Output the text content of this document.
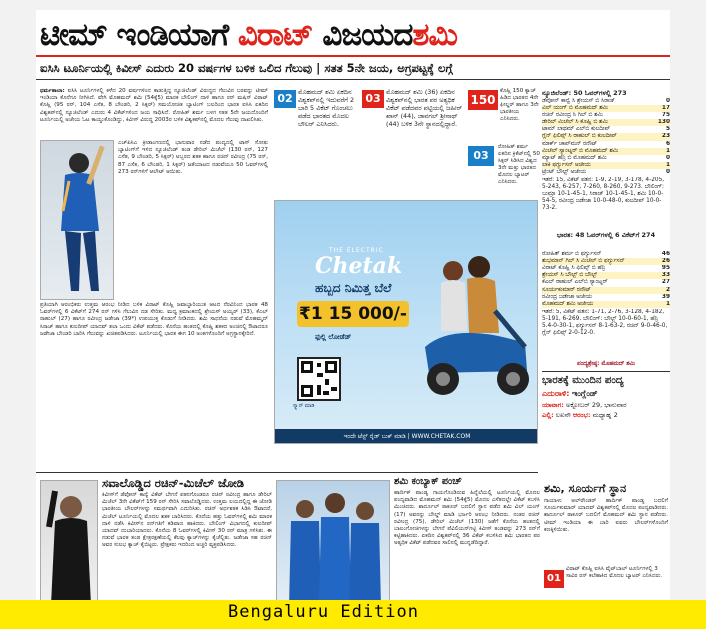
ಟೀಮ್ ಇಂಡಿಯಾಗೆ ವಿರಾಟ್ ವಿಜಯದಶಮಿ
ಐಸಿಸಿ ಟೂರ್ನಿಯಲ್ಲಿ ಕಿವೀಸ್ ಎದುರು 20 ವರ್ಷಗಳ ಬಳಿಕ ಒಲಿದ ಗೆಲುವು | ಸತತ 5ನೇ ಜಯ, ಅಗ್ರಪಟ್ಟಕ್ಕೆ ಲಗ್ಗೆ
ಧರ್ಮಶಾಲಾ: ಐಸಿಸಿ ಟೂರ್ನಿಗಳಲ್ಲಿ ಕಳೆದ 20 ವರ್ಷಗಳಿಂದ ಕಾಡುತ್ತಿದ್ದ ನ್ಯೂಜಿಲೆಂಡ್ ವಿರುದ್ಧದ ಗೆಲುವಿನ ಬರವನ್ನು ಟೀಮ್ ಇಂಡಿಯಾ ಕೊನೆಗೂ ನೀಗಿಸಿದೆ. ವೇಗಿ ಮೊಹಮದ್ ಶಮಿ (54ಕ್ಕೆ5) ಮಾರಕ ಬೌಲಿಂಗ್ ದಾಳಿ ಹಾಗೂ ರನ್ ಮಷಿನ್ ವಿರಾಟ್ ಕೊಹ್ಲಿ (95 ರನ್, 104 ಎಸೆತ, 8 ಬೌಂಡರಿ, 2 ಸಿಕ್ಸರ್) ಸಮಯೋಚಿತ ಬ್ಯಾಟಿಂಗ್ ಬಲದಿಂದ ಭಾರತ ಐಸಿಸಿ ಏಕದಿನ ವಿಶ್ವಕಪ್‌ನಲ್ಲಿ ನ್ಯೂಜಿಲೆಂಡ್ ಎದುರು 4 ವಿಕೆಟ್‌ಗಳಿಂದ ಜಯ ಸಾಧಿಸಿದೆ. ರೋಹಿತ್ ಶರ್ಮ ಬಳಗ ಸತತ 5ನೇ ಜಯದೊಂದಿಗೆ ಟೂರ್ನಿಯಲ್ಲಿ ಅಜೇಯ ಓಟ ಕಾಯ್ದುಕೊಂಡಿದ್ದು, ಕಿವೀಸ್ ವಿರುದ್ಧ 2003ರ ಬಳಿಕ ವಿಶ್ವಕಪ್‌ನಲ್ಲಿ ಮೊದಲ ಗೆಲುವು ದಾಖಲಿಸಿತು.
ಎಚ್‌ಪಿಸಿಎ ಕ್ರೀಡಾಂಗಣದಲ್ಲಿ ಭಾನುವಾರ ನಡೆದ ಪಂದ್ಯದಲ್ಲಿ ಟಾಸ್ ಸೋತು ಬ್ಯಾಟಿಂಗ್‌ಗೆ ಇಳಿದ ನ್ಯೂಜಿಲೆಂಡ್ ತಂಡ ಡೇರಿಲ್ ಮಿಚೆಲ್ (130 ರನ್, 127 ಎಸೆತ, 9 ಬೌಂಡರಿ, 5 ಸಿಕ್ಸರ್) ಅಬ್ಬರದ ಶತಕ ಹಾಗೂ ರಚಿನ್ ರವೀಂದ್ರ (75 ರನ್, 87 ಎಸೆತ, 6 ಬೌಂಡರಿ, 1 ಸಿಕ್ಸರ್) ಜತೆಯಾಟದ ನಡುವೆಯೂ 50 ಓವರ್‌ಗಳಲ್ಲಿ 273 ರನ್‌ಗಳಿಗೆ ಆಲೌಟ್ ಆಯಿತು.
ಪ್ರತಿಯಾಗಿ ಆರಂಭಿಕರು ಉತ್ತಮ ಆರಂಭ ನೀಡಿದ ಬಳಿಕ ವಿರಾಟ್ ಕೊಹ್ಲಿ ಜವಾಬ್ದಾರಿಯುತ ಆಟದ ನೆರವಿನಿಂದ ಭಾರತ 48 ಓವರ್‌ಗಳಲ್ಲಿ 6 ವಿಕೆಟ್‌ಗೆ 274 ರನ್ ಗಳಿಸಿ ಗೆಲುವಿನ ದಡ ಸೇರಿತು. ಮಧ್ಯ ಕ್ರಮಾಂಕದಲ್ಲಿ ಶ್ರೇಯಸ್ ಅಯ್ಯರ್ (33), ಕೆಎಲ್ ರಾಹುಲ್ (27) ಹಾಗೂ ರವೀಂದ್ರ ಜಡೇಜಾ (39*) ಉಪಯುಕ್ತ ಕೊಡುಗೆ ನೀಡಿದರು. ಶಮಿ ಸಾಧನೆಯ ನಡುವೆ ಮೊಹಮ್ಮದ್ ಸಿರಾಜ್ ಹಾಗೂ ಕುಲದೀಪ್ ಯಾದವ್ ತಲಾ ಒಂದು ವಿಕೆಟ್ ಪಡೆದರು. ಕೊನೆಯ ಹಂತದಲ್ಲಿ ಕೊಹ್ಲಿ ಶತಕದ ಅಂಚಿನಲ್ಲಿ ಔಟಾದರೂ ಜಡೇಜಾ ಬೌಂಡರಿ ಬಾರಿಸಿ ಗೆಲುವನ್ನು ಖಚಿತಪಡಿಸಿದರು. ಟೂರ್ನಿಯಲ್ಲಿ ಭಾರತ ಈಗ 10 ಅಂಕಗಳೊಂದಿಗೆ ಅಗ್ರಸ್ಥಾನಕ್ಕೇರಿದೆ.
02 ಮೊಹಮದ್ ಶಮಿ ಏಕದಿನ ವಿಶ್ವಕಪ್‌ನಲ್ಲಿ ಇದುವರೆಗೆ 2 ಬಾರಿ 5 ವಿಕೆಟ್ ಗೊಂಚಲು ಪಡೆದ ಭಾರತದ ಮೊದಲ ಬೌಲರ್ ಎನಿಸಿದರು.
03 ಮೊಹಮದ್ ಶಮಿ (36) ಏಕದಿನ ವಿಶ್ವಕಪ್‌ನಲ್ಲಿ ಭಾರತ ಪರ ಅತ್ಯಧಿಕ ವಿಕೆಟ್ ಪಡೆದವರ ಪಟ್ಟಿಯಲ್ಲಿ ಜಹೀರ್ ಖಾನ್ (44), ಜಾವಗಲ್ ಶ್ರೀನಾಥ್ (44) ಬಳಿಕ 3ನೇ ಸ್ಥಾನದಲ್ಲಿದ್ದಾರೆ.
150
ಕೊಹ್ಲಿ 150 ಕ್ಯಾಚ್ ಹಿಡಿದ ಭಾರತದ 4ನೇ ಫೀಲ್ಡರ್ ಹಾಗೂ 3ನೇ ಭಾರತೀಯ ಎನಿಸಿದರು.
03
ರೋಹಿತ್ ಶರ್ಮ ಏಕದಿನ ಕ್ರಿಕೆಟ್‌ನಲ್ಲಿ 50 ಸಿಕ್ಸರ್ ಸಿಡಿಸಿದ ವಿಶ್ವದ 3ನೇ ಮತ್ತು ಭಾರತದ ಮೊದಲ ಬ್ಯಾಟರ್ ಎನಿಸಿದರು.
THE ELECTRIC
Chetak
ಹಬ್ಬದ ನಿಮಿತ್ತ ಬೆಲೆ
₹1 15 000/-
ಫುಲ್ಲಿ ಲೋಡೆಡ್
ಸ್ಕ್ಯಾನ್ ಮಾಡಿ
ಇಂದೇ ಟೆಸ್ಟ್ ರೈಡ್ ಬುಕ್ ಮಾಡಿ | WWW.CHETAK.COM
ನ್ಯೂಜಿಲೆಂಡ್: 50 ಓವರ್‌ಗಳಲ್ಲಿ 273
ಡೆವೋನ್ ಕಾನ್ವೆ ಸಿ ಶ್ರೇಯಸ್ ಬಿ ಸಿರಾಜ್	0
ವಿಲ್ ಯಂಗ್ ಬಿ ಮೊಹಮದ್ ಶಮಿ	17
ರಚಿನ್ ರವೀಂದ್ರ ಸಿ ಗಿಲ್ ಬಿ ಶಮಿ	75
ಡೇರಿಲ್ ಮಿಚೆಲ್ ಸಿ ಕೊಹ್ಲಿ ಬಿ ಶಮಿ	130
ಟಾಮ್ ಲಾಥಮ್ ಎಲ್‌ಬಿ ಕುಲದೀಪ್	5
ಗ್ಲೆನ್ ಫಿಲಿಪ್ಸ್ ಸಿ ರಾಹುಲ್ ಬಿ ಕುಲದೀಪ್	23
ಮಾರ್ಕ್ ಚಾಪ್‌ಮನ್ ರನೌಟ್	6
ಮಿಚೆಲ್ ಸ್ಯಾಂಟ್ನರ್ ಬಿ ಮೊಹಮದ್ ಶಮಿ	1
ಮ್ಯಾಟ್ ಹೆನ್ರಿ ಬಿ ಮೊಹಮದ್ ಶಮಿ	0
ಲಾಕಿ ಫರ್ಗ್ಯುಸನ್ ಅಜೇಯ	1
ಟ್ರೆಂಟ್ ಬೌಲ್ಟ್ ಅಜೇಯ	0
ಇತರೆ: 15, ವಿಕೆಟ್ ಪತನ: 1-9, 2-19, 3-178, 4-205, 5-243, 6-257, 7-260, 8-260, 9-273. ಬೌಲಿಂಗ್: ಬುಮ್ರಾ 10-1-45-1, ಸಿರಾಜ್ 10-1-45-1, ಶಮಿ 10-0-54-5, ರವೀಂದ್ರ ಜಡೇಜಾ 10-0-48-0, ಕುಲದೀಪ್ 10-0-73-2.
ಭಾರತ: 48 ಓವರ್‌ಗಳಲ್ಲಿ 6 ವಿಕೆಟ್‌ಗೆ 274
ರೋಹಿತ್ ಶರ್ಮ ಬಿ ಫರ್ಗ್ಯುಸನ್	46
ಶುಭಮಾನ್ ಗಿಲ್ ಸಿ ಮಿಚೆಲ್ ಬಿ ಫರ್ಗ್ಯುಸನ್	26
ವಿರಾಟ್ ಕೊಹ್ಲಿ ಸಿ ಫಿಲಿಪ್ಸ್ ಬಿ ಹೆನ್ರಿ	95
ಶ್ರೇಯಸ್ ಸಿ ಬೌಲ್ಟ್ ಬಿ ಬೌಲ್ಟ್	33
ಕೆಎಲ್ ರಾಹುಲ್ ಎಲ್‌ಬಿ ಸ್ಯಾಂಟ್ನರ್	27
ಸೂರ್ಯಕುಮಾರ್ ರನೌಟ್	2
ರವೀಂದ್ರ ಜಡೇಜಾ ಅಜೇಯ	39
ಮೊಹಮದ್ ಶಮಿ ಅಜೇಯ	1
ಇತರೆ: 5, ವಿಕೆಟ್ ಪತನ: 1-71, 2-76, 3-128, 4-182, 5-191, 6-269. ಬೌಲಿಂಗ್: ಬೌಲ್ಟ್ 10-0-60-1, ಹೆನ್ರಿ 5.4-0-30-1, ಫರ್ಗ್ಯುಸನ್ 8-1-63-2, ರಚಿನ್ 9-0-46-0, ಗ್ಲೆನ್ ಫಿಲಿಪ್ಸ್ 2-0-12-0.
ಪಂದ್ಯಶ್ರೇಷ್ಠ: ಮೊಹಮದ್ ಶಮಿ
ಭಾರತಕ್ಕೆ ಮುಂದಿನ ಪಂದ್ಯ
ಎದುರಾಳಿ: ಇಂಗ್ಲೆಂಡ್
ಯಾವಾಗ: ಅಕ್ಟೋಬರ್ 29, ಭಾನುವಾರ
ಎಲ್ಲಿ: ಲಖನೌ ಆರಂಭ: ಮಧ್ಯಾಹ್ನ 2
ಸವಾಲೊಡ್ಡಿದ ರಚಿನ್-ಮಿಚೆಲ್ ಜೋಡಿ
ಕಿವೀಸ್‌ಗೆ ಡೆವೋನ್ ಕಾನ್ವೆ ವಿಕೆಟ್ ಬೇಗನೆ ಪತನಗೊಂಡರೂ ರಚಿನ್ ರವೀಂದ್ರ ಹಾಗೂ ಡೇರಿಲ್ ಮಿಚೆಲ್ 3ನೇ ವಿಕೆಟ್‌ಗೆ 159 ರನ್ ಸೇರಿಸಿ ಸವಾಲೊಡ್ಡಿದರು. ಉತ್ತಮ ಲಯದಲ್ಲಿದ್ದ ಈ ಜೋಡಿ ಭಾರತೀಯ ಬೌಲರ್‌ಗಳನ್ನು ಸಮರ್ಥವಾಗಿ ಎದುರಿಸಿತು. ರಚಿನ್ ಅರ್ಧಶತಕ ಸಿಡಿಸಿ ಔಟಾದರೆ, ಮಿಚೆಲ್ ಟೂರ್ನಿಯಲ್ಲಿ ಮೊದಲ ಶತಕ ಬಾರಿಸಿದರು. ಕೊನೆಯ ಹತ್ತು ಓವರ್‌ಗಳಲ್ಲಿ ಶಮಿ ಮಾರಕ ದಾಳಿ ನಡೆಸಿ ಕಿವೀಸ್‌ನ ರನ್‌ಗತಿಗೆ ಕಡಿವಾಣ ಹಾಕಿದರು. ಬೌಲಿಂಗ್ ವಿಭಾಗದಲ್ಲಿ ಕುಲದೀಪ್ ಯಾದವ್ ದುಬಾರಿಯಾದರು. ಕೊನೆಯ 8 ಓವರ್‌ಗಳಲ್ಲಿ ಕಿವೀಸ್ 30 ರನ್ ಮಾತ್ರ ಗಳಿಸಿತು. ಈ ನಡುವೆ ಭಾರತ ತಂಡ ಕ್ಷೇತ್ರರಕ್ಷಣೆಯಲ್ಲಿ ಕೆಲವು ಕ್ಯಾಚ್‌ಗಳನ್ನು ಕೈಚೆಲ್ಲಿತು. ಜಡೇಜಾ ಸಹ ರಚಿನ್ ಅವರ ಸುಲಭ ಕ್ಯಾಚ್ ಕೈಬಿಟ್ಟರು. ಪ್ರೇಕ್ಷಕರು ಇದರಿಂದ ಅಚ್ಚರಿ ವ್ಯಕ್ತಪಡಿಸಿದರು.
ಶಮಿ ಕಂಬ್ಯಾಕ್ ಪಂಚ್
ಹಾರ್ದಿಕ್ ಪಾಂಡ್ಯ ಗಾಯಗೊಂಡಿರುವ ಹಿನ್ನೆಲೆಯಲ್ಲಿ ಟೂರ್ನಿಯಲ್ಲಿ ಮೊದಲ ಪಂದ್ಯವಾಡಿದ ಮೊಹಮದ್ ಶಮಿ (54ಕ್ಕೆ5) ಮೊದಲ ಎಸೆತದಲ್ಲೇ ವಿಕೆಟ್ ಕಬಳಿಸಿ ಮಿಂಚಿದರು. ಶಾರ್ದೂಲ್ ಠಾಕೂರ್ ಬದಲಿಗೆ ಸ್ಥಾನ ಪಡೆದ ಶಮಿ ವಿಲ್ ಯಂಗ್ (17) ಅವರನ್ನು ಬೌಲ್ಡ್ ಮಾಡಿ ಭರ್ಜರಿ ಆರಂಭ ನೀಡಿದರು. ನಂತರ ರಚಿನ್ ರವೀಂದ್ರ (75), ಡೇರಿಲ್ ಮಿಚೆಲ್ (130) ಜತೆಗೆ ಕೊನೆಯ ಹಂತದಲ್ಲಿ ಬಾಲಂಗೋಚಿಗಳನ್ನು ಬೇಗನೆ ಪೆವಿಲಿಯನ್‌ಗಟ್ಟಿ ಕಿವೀಸ್ ತಂಡವನ್ನು 273 ರನ್‌ಗೆ ಕಟ್ಟಿಹಾಕಿದರು. ಏಕದಿನ ವಿಶ್ವಕಪ್‌ನಲ್ಲಿ 36 ವಿಕೆಟ್ ಕಬಳಿಸಿದ ಶಮಿ ಭಾರತದ ಪರ ಅತ್ಯಧಿಕ ವಿಕೆಟ್ ಪಡೆದವರ ಸಾಲಿನಲ್ಲಿ ಮುನ್ನಡೆದಿದ್ದಾರೆ.
ಶಮಿ, ಸೂರ್ಯಗೆ ಸ್ಥಾನ
ಗಾಯಾಳು ಆಲ್‌ರೌಂಡರ್ ಹಾರ್ದಿಕ್ ಪಾಂಡ್ಯ ಬದಲಿಗೆ ಸೂರ್ಯಕುಮಾರ್ ಯಾದವ್ ವಿಶ್ವಕಪ್‌ನಲ್ಲಿ ಮೊದಲ ಪಂದ್ಯವಾಡಿದರು. ಶಾರ್ದೂಲ್ ಠಾಕೂರ್ ಬದಲಿಗೆ ಮೊಹಮದ್ ಶಮಿ ಸ್ಥಾನ ಪಡೆದರು. ಟೀಮ್ ಇಂಡಿಯಾ ಈ ಬಾರಿ ಐವರು ಬೌಲರ್‌ಗಳೊಂದಿಗೆ ಕಣಕ್ಕಿಳಿಯಿತು.
01
ವಿರಾಟ್ ಕೊಹ್ಲಿ ಐಸಿಸಿ ವೈಟ್‌ಬಾಲ್ ಟೂರ್ನಿಗಳಲ್ಲಿ 3 ಸಾವಿರ ರನ್ ಕಲೆಹಾಕಿದ ಮೊದಲ ಬ್ಯಾಟರ್ ಎನಿಸಿದರು.
Bengaluru Edition
